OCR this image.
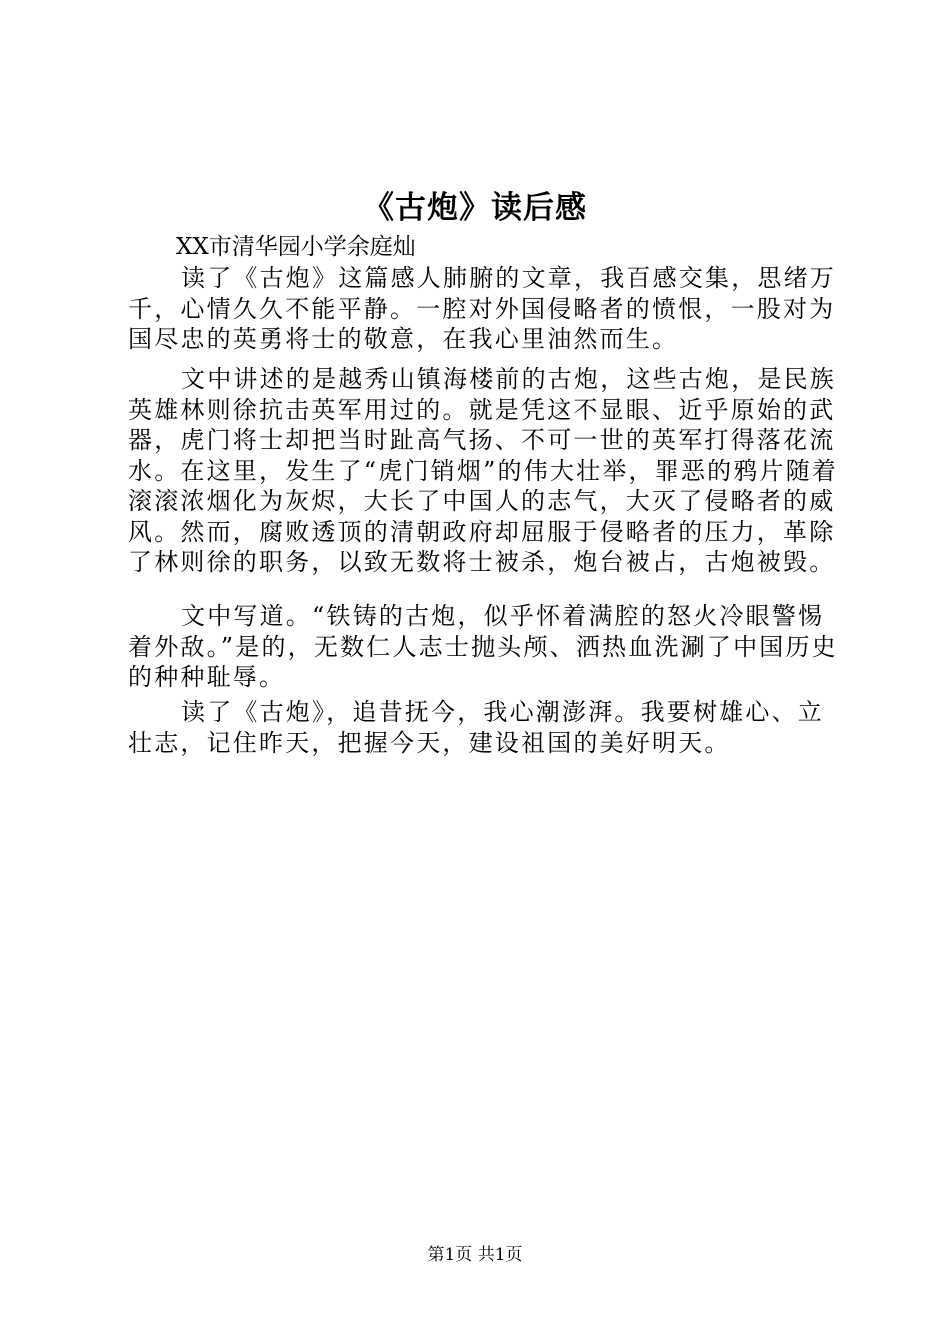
《古炮》读后感
XX市清华园小学余庭灿

读了《古炮》这篇感人肺腑的文章，我百感交集，思绪万千，心情久久不能平静。一腔对外国侵略者的愤恨，一股对为国尽忠的英勇将士的敬意，在我心里油然而生。

文中讲述的是越秀山镇海楼前的古炮，这些古炮，是民族英雄林则徐抗击英军用过的。就是凭这不显眼、近乎原始的武器，虎门将士却把当时趾高气扬、不可一世的英军打得落花流水。在这里，发生了“虎门销烟”的伟大壮举，罪恶的鸦片随着滚滚浓烟化为灰烬，大长了中国人的志气，大灭了侵略者的威风。然而，腐败透顶的清朝政府却屈服于侵略者的压力，革除了林则徐的职务，以致无数将士被杀，炮台被占，古炮被毁。

文中写道。“铁铸的古炮，似乎怀着满腔的怒火冷眼警惕着外敌。”是的，无数仁人志士抛头颅、洒热血洗涮了中国历史的种种耻辱。

读了《古炮》，追昔抚今，我心潮澎湃。我要树雄心、立壮志，记住昨天，把握今天，建设祖国的美好明天。

第1页 共1页
